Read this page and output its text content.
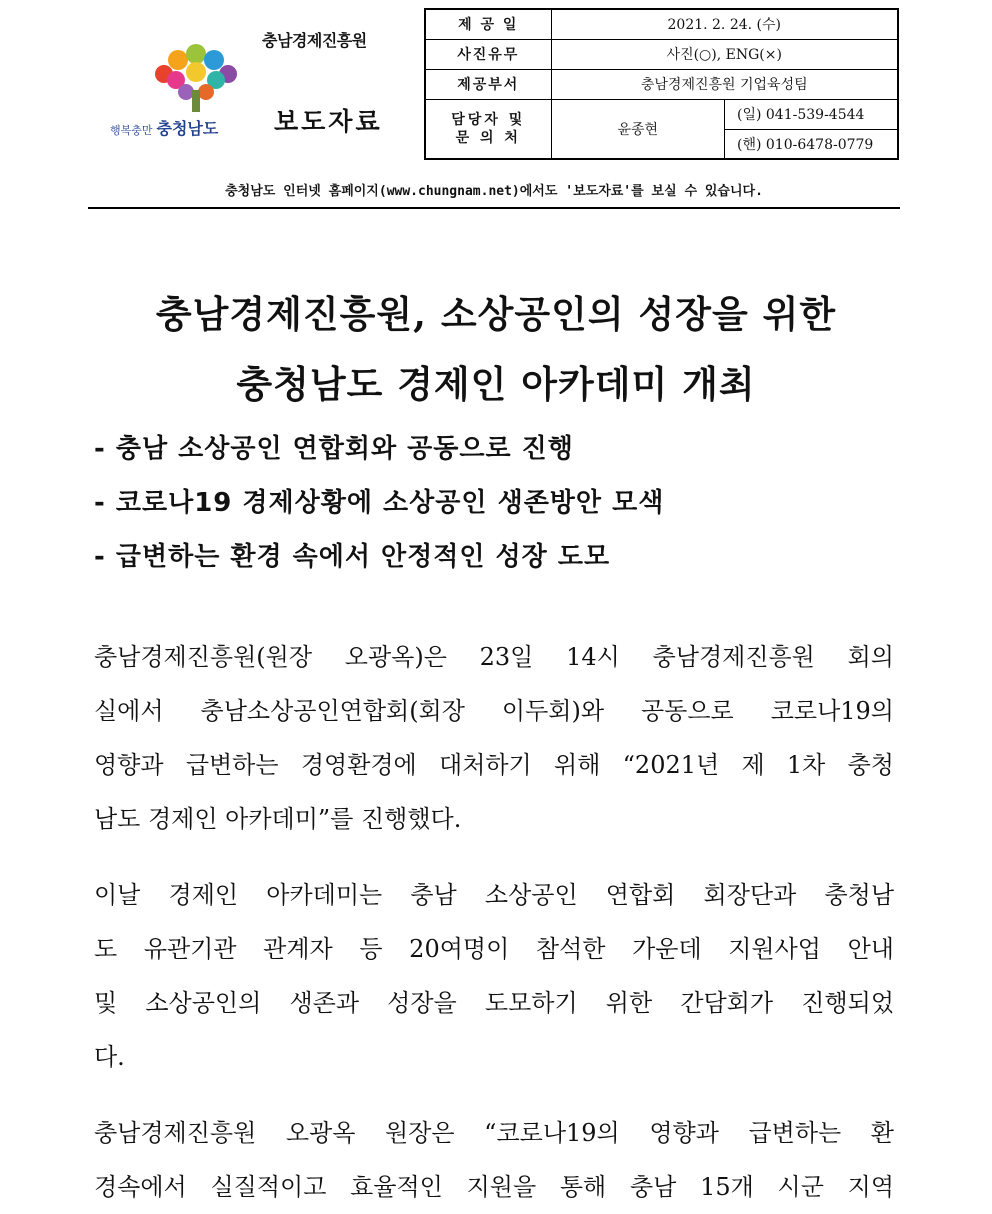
행복충만 충청남도
충남경제진흥원
보도자료
제 공 일	2021. 2. 24. (수)	
사진유무	사진(○), ENG(×)	
제공부서	충남경제진흥원 기업육성팀	
담당자 및
문 의 처	윤종현	(일) 041-539-4544
		(핸) 010-6478-0779
충청남도 인터넷 홈페이지(www.chungnam.net)에서도 '보도자료'를 보실 수 있습니다.
충남경제진흥원, 소상공인의 성장을 위한
충청남도 경제인 아카데미 개최
- 충남 소상공인 연합회와 공동으로 진행
- 코로나19 경제상황에 소상공인 생존방안 모색
- 급변하는 환경 속에서 안정적인 성장 도모
충남경제진흥원(원장 오광옥)은 23일 14시 충남경제진흥원 회의
실에서 충남소상공인연합회(회장 이두회)와 공동으로 코로나19의
영향과 급변하는 경영환경에 대처하기 위해 “2021년 제 1차 충청
남도 경제인 아카데미”를 진행했다.
이날 경제인 아카데미는 충남 소상공인 연합회 회장단과 충청남
도 유관기관 관계자 등 20여명이 참석한 가운데 지원사업 안내
및 소상공인의 생존과 성장을 도모하기 위한 간담회가 진행되었
다.
충남경제진흥원 오광옥 원장은 “코로나19의 영향과 급변하는 환
경속에서 실질적이고 효율적인 지원을 통해 충남 15개 시군 지역
